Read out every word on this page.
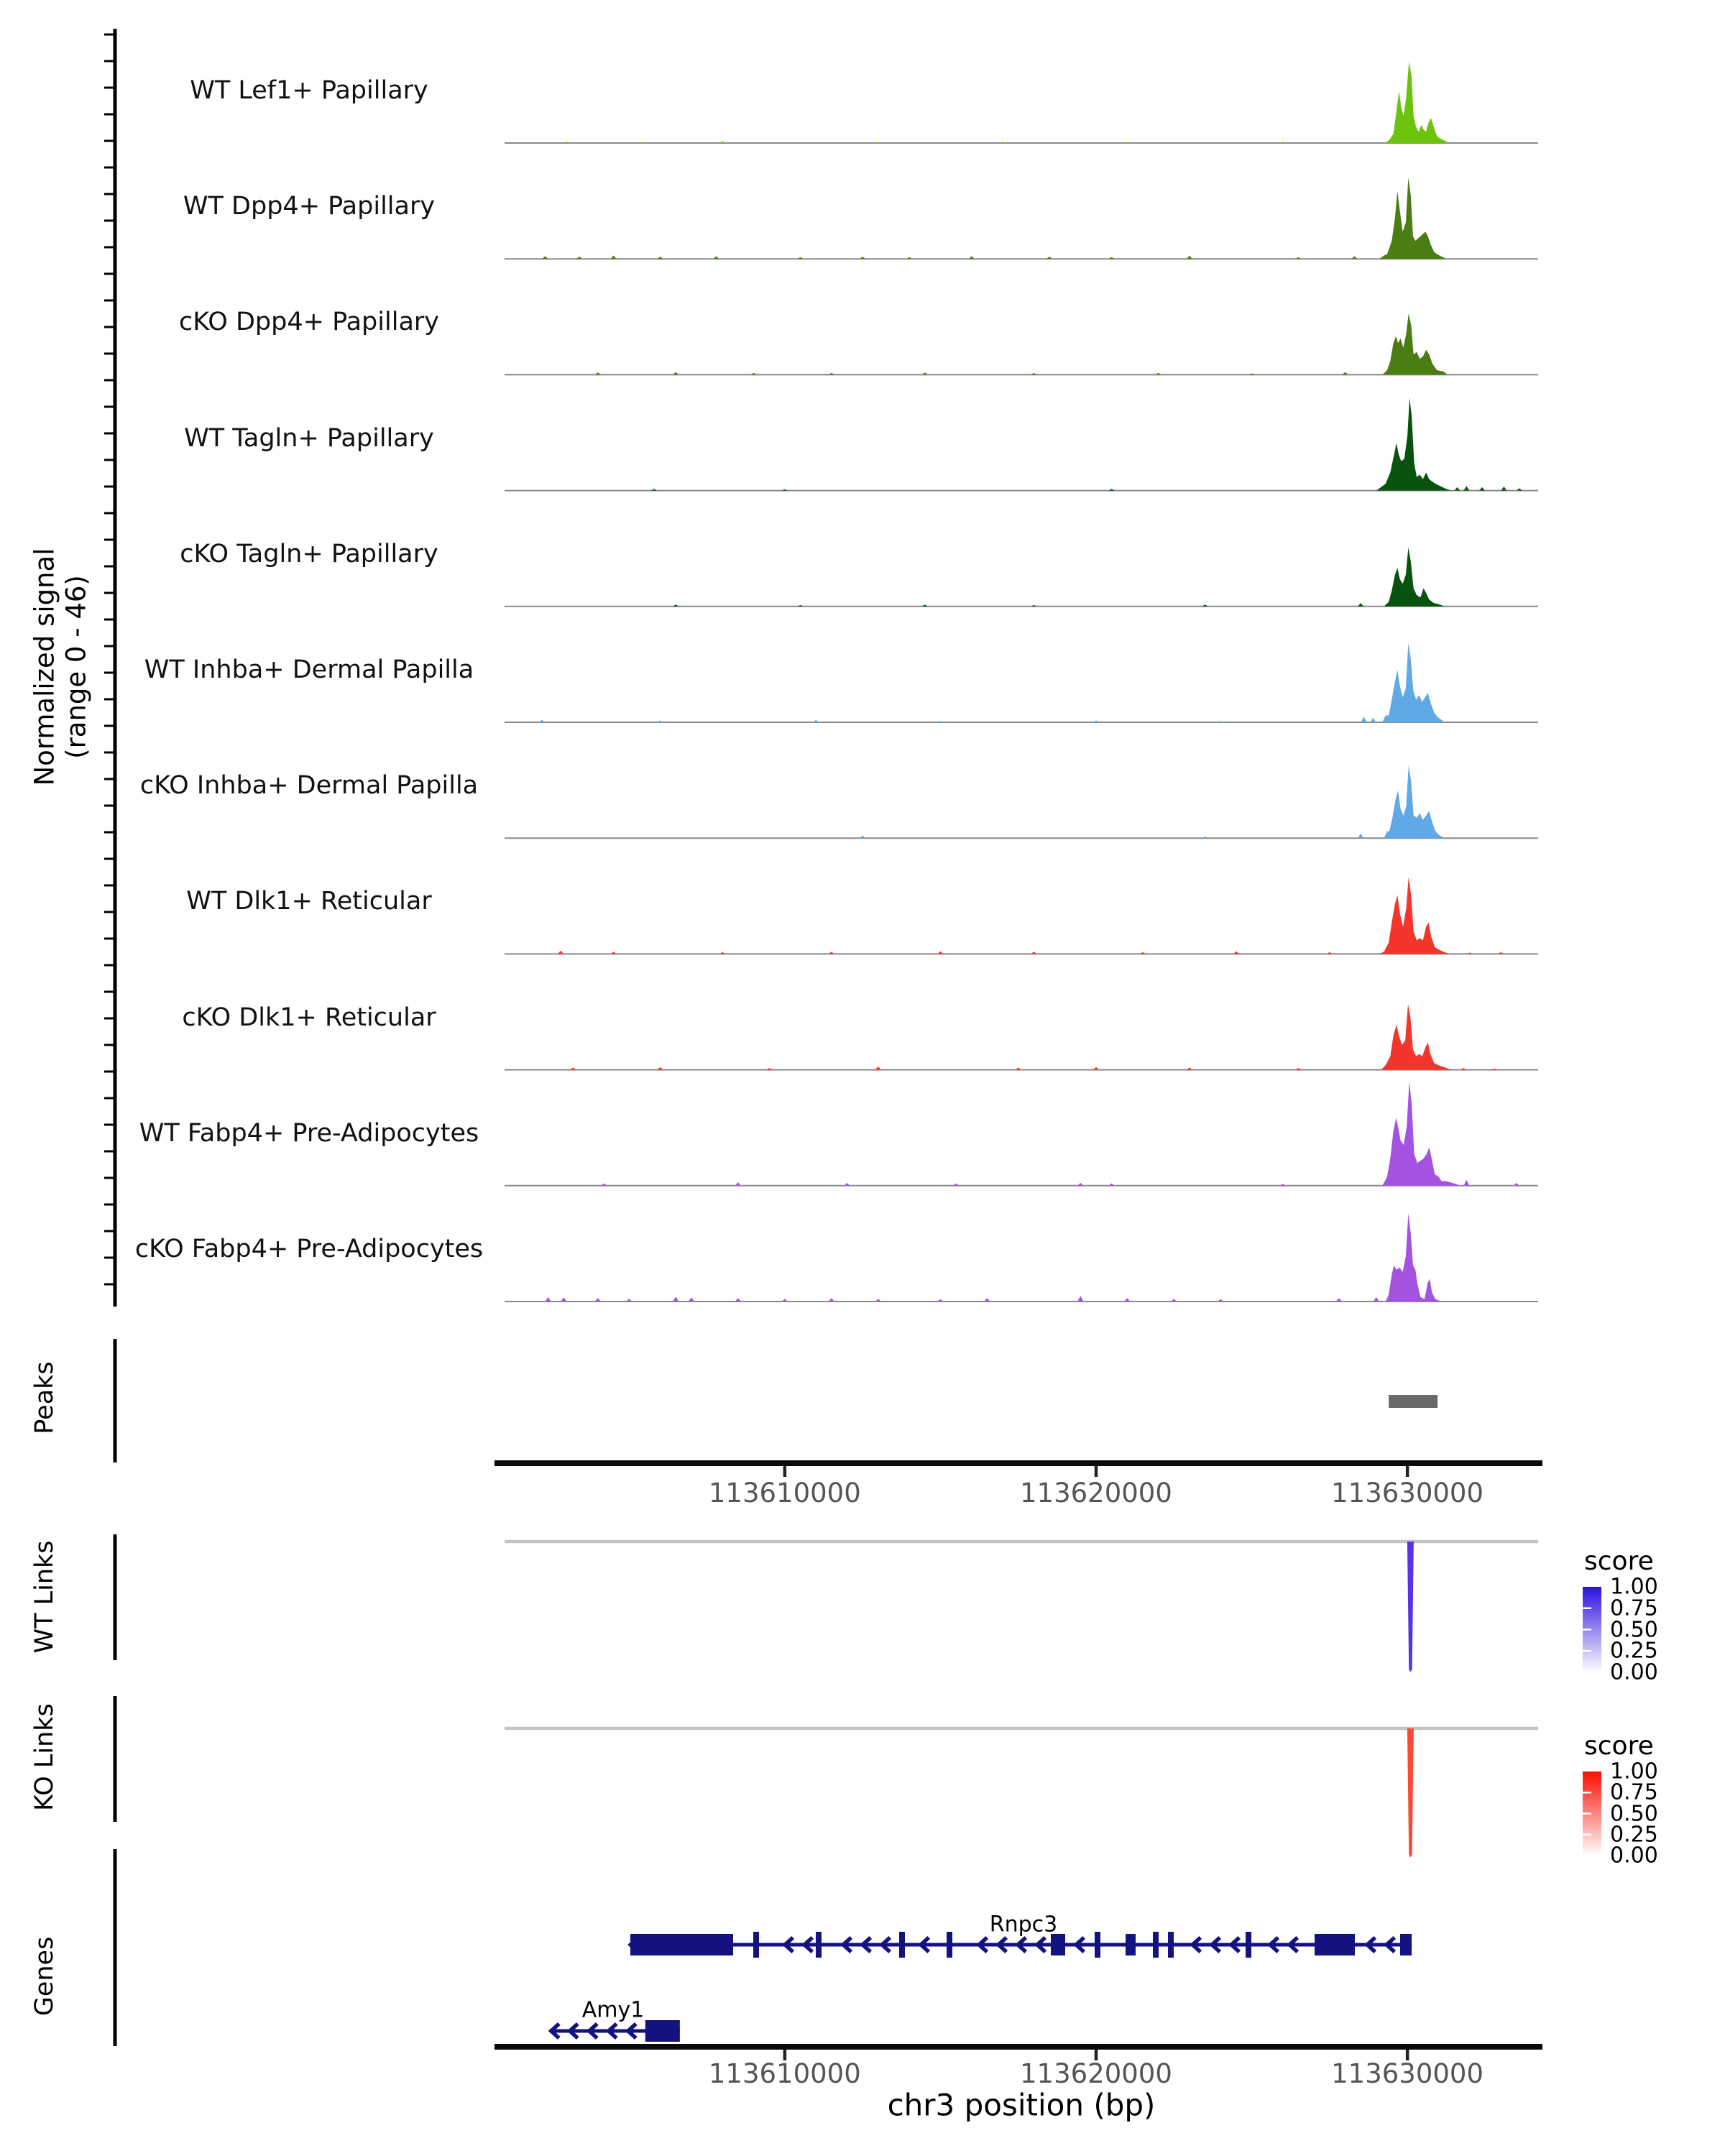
Normalized signal (range 0 - 46)
Peaks
WT Links
KO Links
Genes
score
score
Rnpc3
Amy1
chr3 position (bp)
WT Lef1+ Papillary
WT Dpp4+ Papillary
cKO Dpp4+ Papillary
WT Tagln+ Papillary
cKO Tagln+ Papillary
WT Inhba+ Dermal Papilla
cKO Inhba+ Dermal Papilla
WT Dlk1+ Reticular
cKO Dlk1+ Reticular
WT Fabp4+ Pre-Adipocytes
cKO Fabp4+ Pre-Adipocytes
113610000	113620000	113630000
113610000	113620000	113630000
1.00
0.75
0.50
0.25
0.00
1.00
0.75
0.50
0.25
0.00
